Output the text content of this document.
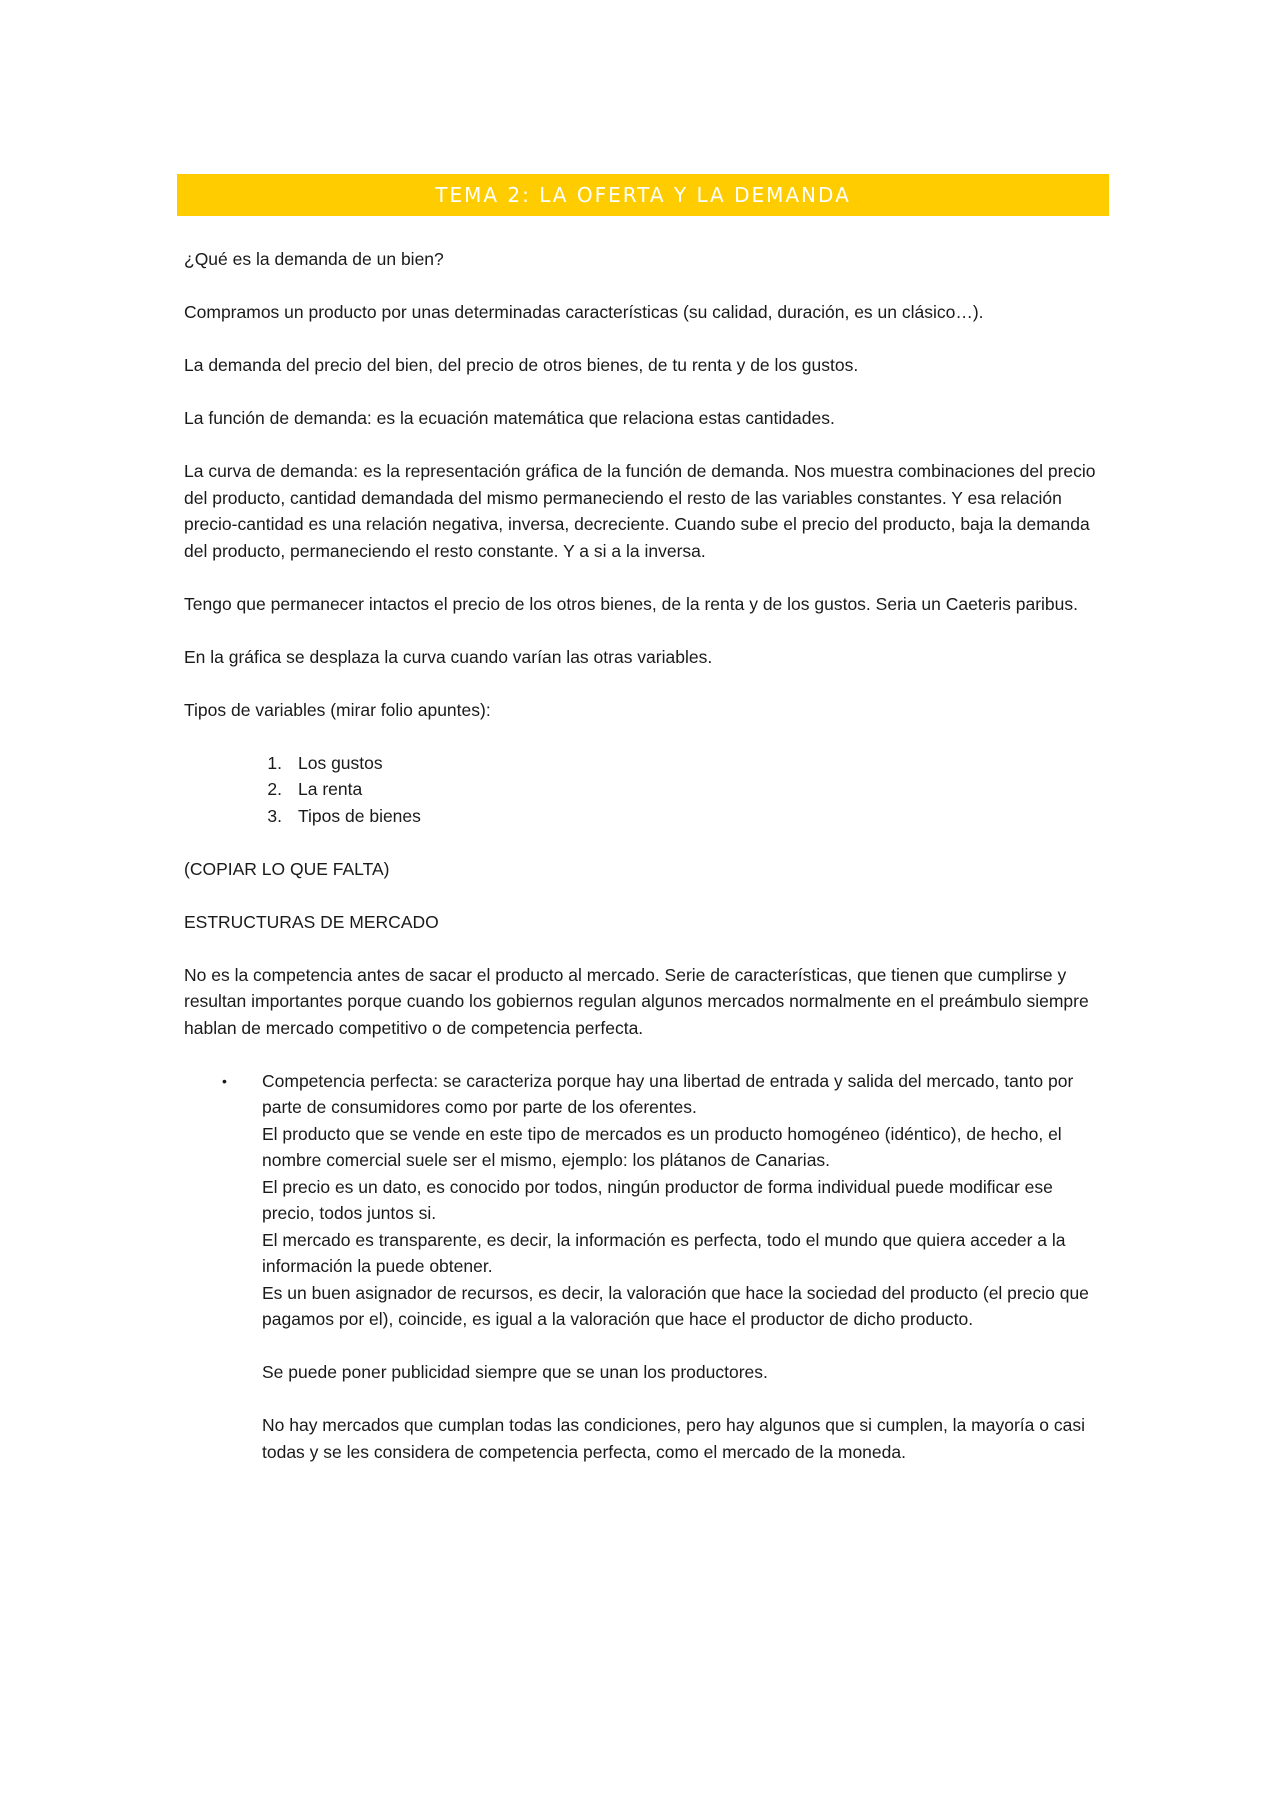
TEMA 2: LA OFERTA Y LA DEMANDA

¿Qué es la demanda de un bien?

Compramos un producto por unas determinadas características (su calidad, duración, es un clásico…).

La demanda del precio del bien, del precio de otros bienes, de tu renta y de los gustos.

La función de demanda: es la ecuación matemática que relaciona estas cantidades.

La curva de demanda: es la representación gráfica de la función de demanda. Nos muestra combinaciones del precio del producto, cantidad demandada del mismo permaneciendo el resto de las variables constantes. Y esa relación precio-cantidad es una relación negativa, inversa, decreciente. Cuando sube el precio del producto, baja la demanda del producto, permaneciendo el resto constante. Y a si a la inversa.

Tengo que permanecer intactos el precio de los otros bienes, de la renta y de los gustos. Seria un Caeteris paribus.

En la gráfica se desplaza la curva cuando varían las otras variables.

Tipos de variables (mirar folio apuntes):

1. Los gustos
2. La renta
3. Tipos de bienes

(COPIAR LO QUE FALTA)

ESTRUCTURAS DE MERCADO

No es la competencia antes de sacar el producto al mercado. Serie de características, que tienen que cumplirse y resultan importantes porque cuando los gobiernos regulan algunos mercados normalmente en el preámbulo siempre hablan de mercado competitivo o de competencia perfecta.

• Competencia perfecta: se caracteriza porque hay una libertad de entrada y salida del mercado, tanto por parte de consumidores como por parte de los oferentes.

El producto que se vende en este tipo de mercados es un producto homogéneo (idéntico), de hecho, el nombre comercial suele ser el mismo, ejemplo: los plátanos de Canarias.

El precio es un dato, es conocido por todos, ningún productor de forma individual puede modificar ese precio, todos juntos si.

El mercado es transparente, es decir, la información es perfecta, todo el mundo que quiera acceder a la información la puede obtener.

Es un buen asignador de recursos, es decir, la valoración que hace la sociedad del producto (el precio que pagamos por el), coincide, es igual a la valoración que hace el productor de dicho producto.

Se puede poner publicidad siempre que se unan los productores.

No hay mercados que cumplan todas las condiciones, pero hay algunos que si cumplen, la mayoría o casi todas y se les considera de competencia perfecta, como el mercado de la moneda.
